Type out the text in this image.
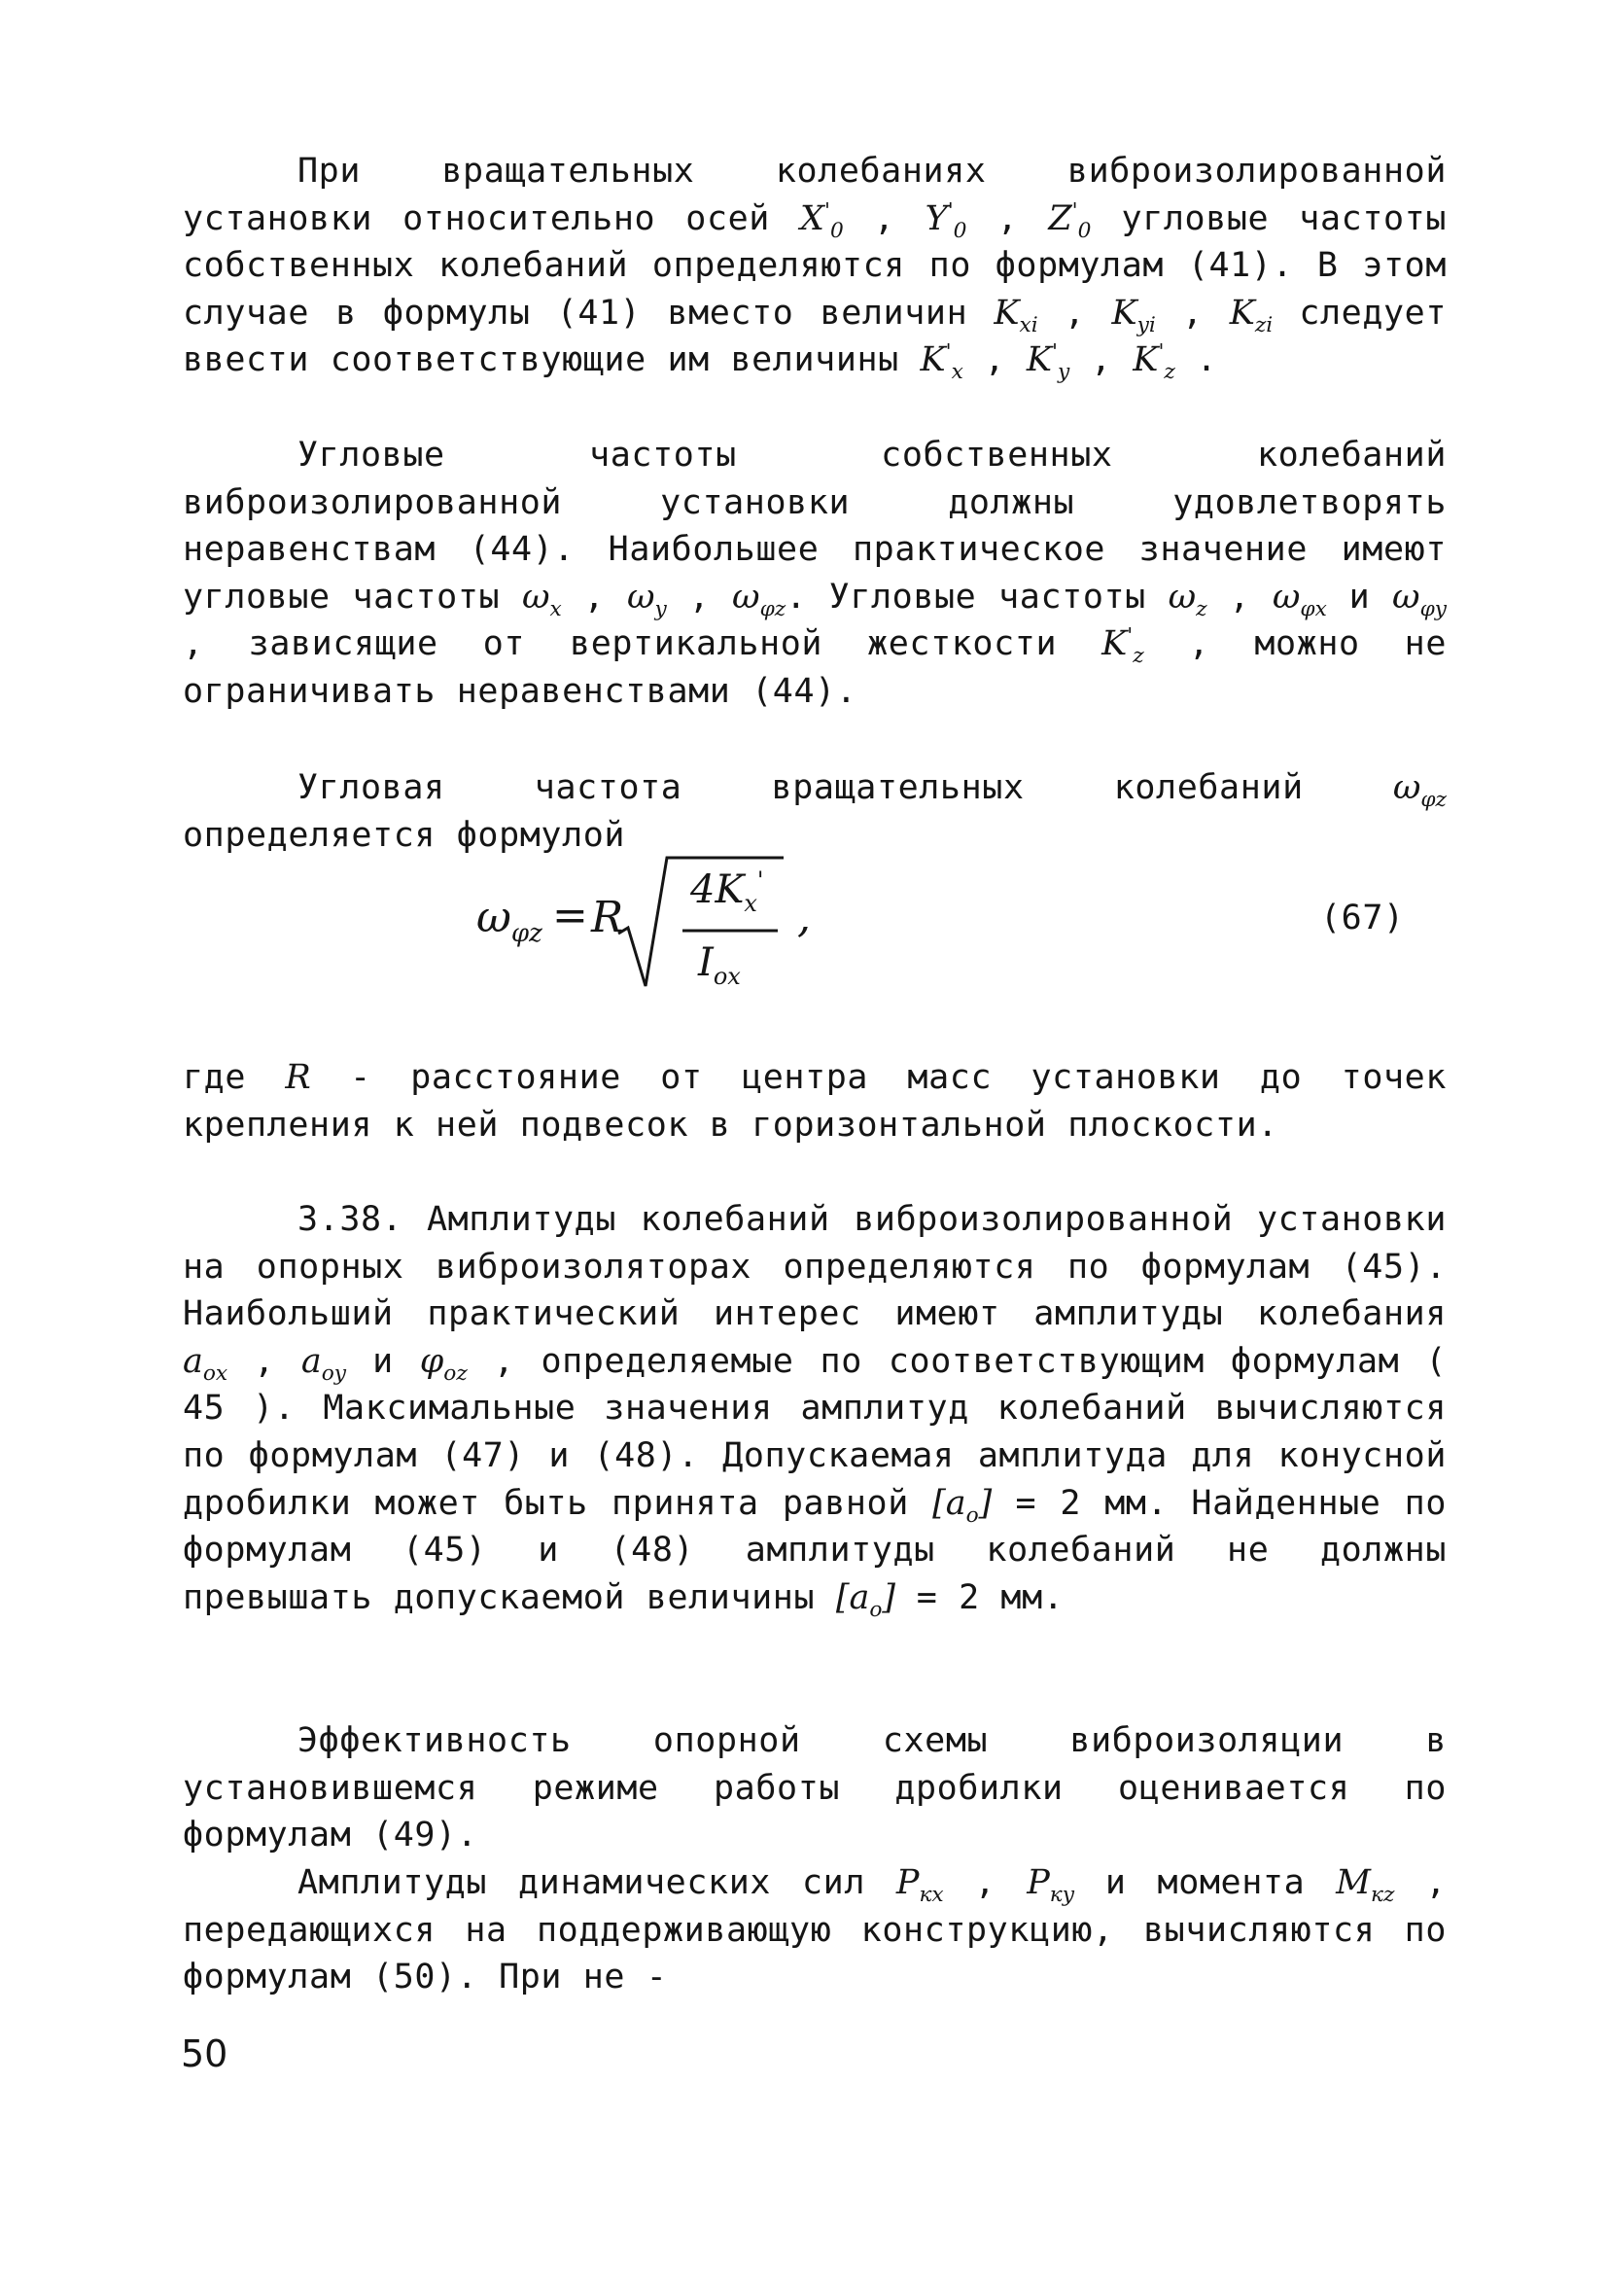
При вращательных колебаниях виброизолированной установки относительно осей $X'_0$ , $Y'_0$ , $Z'_0$ угловые частоты собственных колебаний определяются по формулам (41). В этом случае в формулы (41) вместо величин $K_{xi}$ , $K_{yi}$ , $K_{zi}$ следует ввести соответствующие им величины $K'_x$ , $K'_y$ , $K'_z$ .
Угловые частоты собственных колебаний виброизолированной установки должны удовлетворять неравенствам (44). Наибольшее практическое значение имеют угловые частоты $\omega_x$ , $\omega_y$ , $\omega_{\varphi z}$. Угловые частоты $\omega_z$ , $\omega_{\varphi x}$ и $\omega_{\varphi y}$ , зависящие от вертикальной жесткости $K'_z$ , можно не ограничивать неравенствами (44).
Угловая частота вращательных колебаний $\omega_{\varphi z}$ определяется формулой
$\omega_{\varphi z} = R$
$4K_x'$
$I_{ox}$
,	(67)
где R - расстояние от центра масс установки до точек крепления к ней подвесок в горизонтальной плоскости.
3.38. Амплитуды колебаний виброизолированной установки на опорных виброизоляторах определяются по формулам (45). Наибольший практический интерес имеют амплитуды колебания $a_{ox}$ , $a_{oy}$ и $\varphi_{oz}$ , определяемые по соответствующим формулам ( 45 ). Максимальные значения амплитуд колебаний вычисляются по формулам (47) и (48). Допускаемая амплитуда для конусной дробилки может быть принята равной $[a_o] = 2$ мм. Найденные по формулам (45) и (48) амплитуды колебаний не должны превышать допускаемой величины $[a_o] = 2$ мм.
Эффективность опорной схемы виброизоляции в установившемся режиме работы дробилки оценивается по формулам (49).
Амплитуды динамических сил $P_{кx}$ , $P_{кy}$ и момента $M_{кz}$ , передающихся на поддерживающую конструкцию, вычисляются по формулам (50). При не -
50
